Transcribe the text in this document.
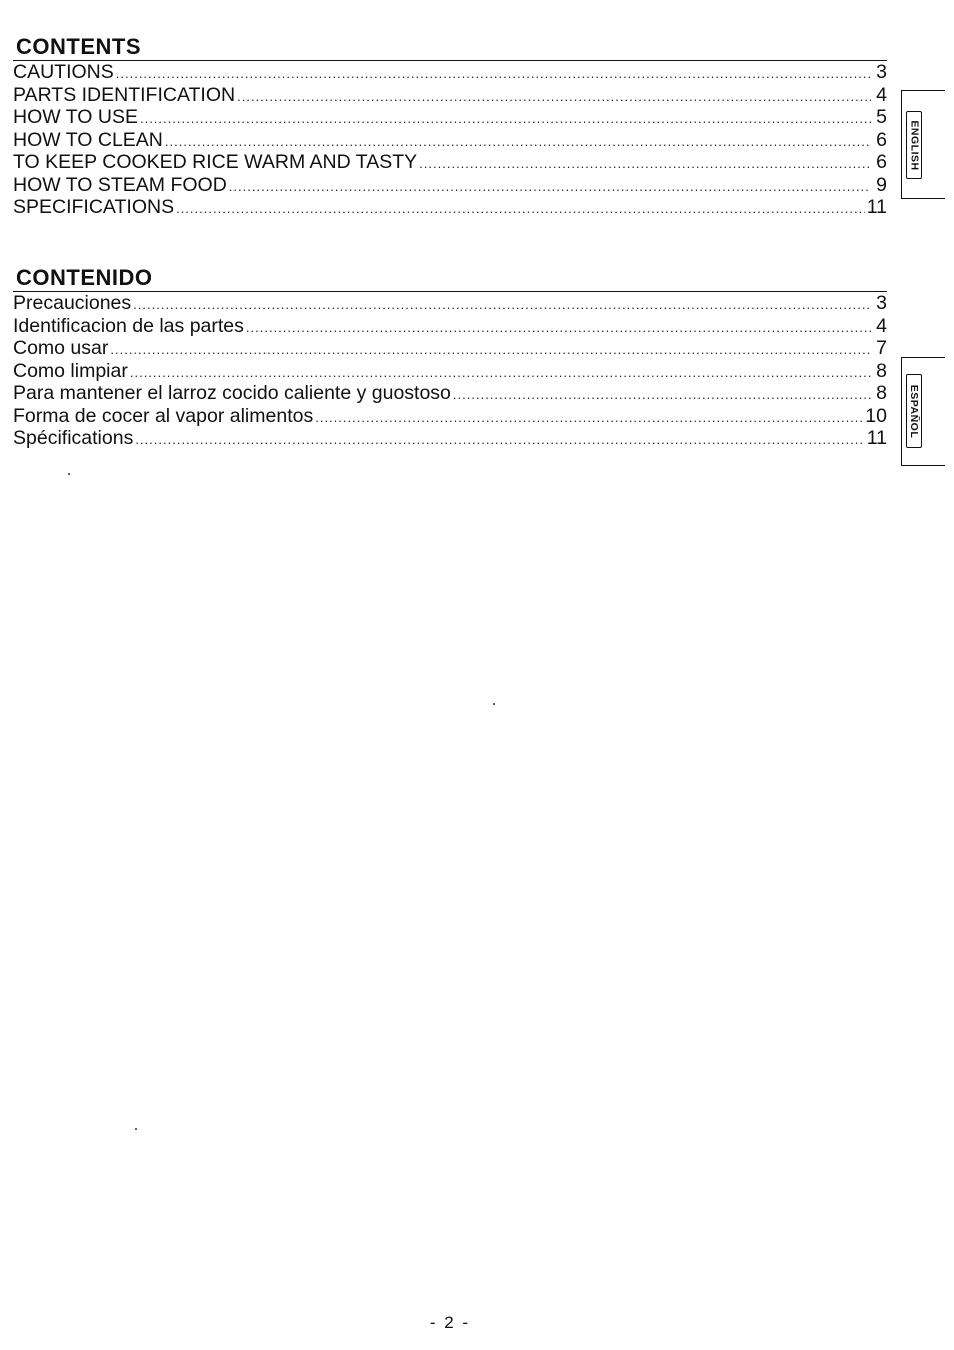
CONTENTS
CAUTIONS .....	3
PARTS IDENTIFICATION .....	4
HOW TO USE .....	5
HOW TO CLEAN .....	6
TO KEEP COOKED RICE WARM AND TASTY .....	6
HOW TO STEAM FOOD .....	9
SPECIFICATIONS .....	11
CONTENIDO
Precauciones .....	3
Identificacion de las partes .....	4
Como usar .....	7
Como limpiar .....	8
Para mantener el larroz cocido caliente y guostoso .....	8
Forma de cocer al vapor alimentos .....	10
Spécifications .....	11
ENGLISH
ESPAÑOL
- 2 -
